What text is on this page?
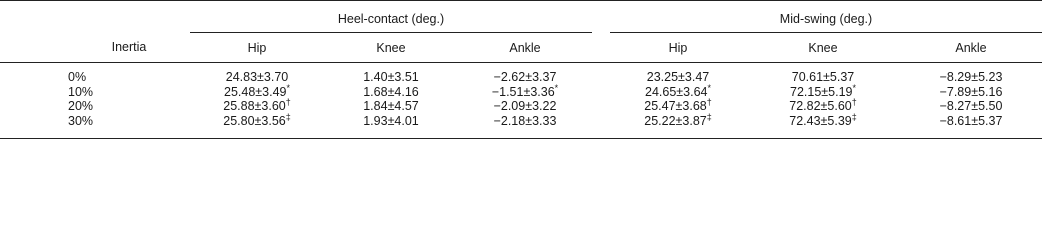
	Heel-contact (deg.)				Mid-swing (deg.)		
Inertia	Hip	Knee	Ankle		Hip	Knee	Ankle
0%	24.83±3.70	1.40±3.51	−2.62±3.37		23.25±3.47	70.61±5.37	−8.29±5.23
10%	25.48±3.49*	1.68±4.16	−1.51±3.36*		24.65±3.64*	72.15±5.19*	−7.89±5.16
20%	25.88±3.60†	1.84±4.57	−2.09±3.22		25.47±3.68†	72.82±5.60†	−8.27±5.50
30%	25.80±3.56‡	1.93±4.01	−2.18±3.33		25.22±3.87‡	72.43±5.39‡	−8.61±5.37
